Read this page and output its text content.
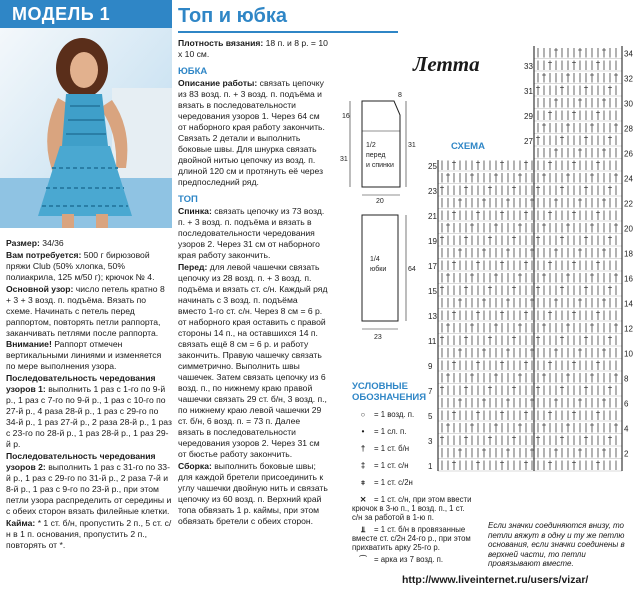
МОДЕЛЬ 1	Топ и юбка

Размер: 34/36

Вам потребуется: 500 г бирюзовой пряжи Club (50% хлопка, 50% полиакрила, 125 м/50 г); крючок № 4.

Основной узор: число петель кратно 8 + 3 + 3 возд. п. подъёма. Вязать по схеме. Начинать с петель перед раппортом, повторять петли раппорта, заканчивать петлями после раппорта. Внимание! Раппорт отмечен вертикальными линиями и изменяется по мере выполнения узора.

Последовательность чередования узоров 1: выполнить 1 раз с 1-го по 9-й р., 1 раз с 7-го по 9-й р., 1 раз с 10-го по 27-й р., 4 раза 28-й р., 1 раз с 29-го по 34-й р., 1 раз 27-й р., 2 раза 28-й р., 1 раз с 23-го по 28-й р., 1 раз 28-й р., 1 раз 29-й р.

Последовательность чередования узоров 2: выполнить 1 раз с 31-го по 33-й р., 1 раз с 29-го по 31-й р., 2 раза 7-й и 8-й р., 1 раз с 9-го по 23-й р., при этом петли узора распределить от середины и с обеих сторон вязать филейные клетки.

Кайма: * 1 ст. б/н, пропустить 2 п., 5 ст. с/н в 1 п. основания, пропустить 2 п., повторять от *.

Плотность вязания: 18 п. и 8 р. = 10 x 10 см.

ЮБКА

Описание работы: связать цепочку из 83 возд. п. + 3 возд. п. подъёма и вязать в последовательности чередования узоров 1. Через 64 см от наборного края работу закончить. Связать 2 детали и выполнить боковые швы. Для шнурка связать двойной нитью цепочку из возд. п. длиной 120 см и протянуть её через предпоследний ряд.

ТОП

Спинка: связать цепочку из 73 возд. п. + 3 возд. п. подъёма и вязать в последовательности чередования узоров 2. Через 31 см от наборного края работу закончить.

Перед: для левой чашечки связать цепочку из 28 возд. п. + 3 возд. п. подъёма и вязать ст. с/н. Каждый ряд начинать с 3 возд. п. подъёма вместо 1-го ст. с/н. Через 8 см = 6 р. от наборного края оставить с правой стороны 14 п., на оставшихся 14 п. связать ещё 8 см = 6 р. и работу закончить. Правую чашечку связать симметрично. Выполнить швы чашечек. Затем связать цепочку из 6 возд. п., по нижнему краю правой чашечки связать 29 ст. б/н, 3 возд. п., по нижнему краю левой чашечки 29 ст. б/н, 6 возд. п. = 73 п. Далее вязать в последовательности чередования узоров 2. Через 31 см от бюстье работу закончить.

Сборка: выполнить боковые швы; для каждой бретели присоединить к углу чашечки двойную нить и связать цепочку из 60 возд. п. Верхний край топа обвязать 1 р. каймы, при этом обвязать бретели с обеих сторон.

Летта
16
8
31
31
20
1/2
перед
и спинки
64
23
1/4
юбки
СХЕМА
34
33
32
31
30
29
28
27
26
25
24
23
22
21
20
19
18
17
16
15
14
13
12
11
10
9
8
7
6
5
4
3
2
1
УСЛОВНЫЕ ОБОЗНАЧЕНИЯ
○ = 1 возд. п.
• = 1 сл. п.
† = 1 ст. б/н
‡ = 1 ст. с/н
⧧ = 1 ст. с/2н
⨯ = 1 ст. с/н, при этом ввести крючок в 3-ю п., 1 возд. п., 1 ст. с/н за работой в 1-ю п.
⫫ = 1 ст. б/н в провязанные вместе ст. с/2н 24-го р., при этом прихватить арку 25-го р.
⌒ = арка из 7 возд. п.
Если значки соединяются внизу, то петли вяжут в одну и ту же петлю основания, если значки соединены в верхней части, то петли провязывают вместе.
http://www.liveinternet.ru/users/vizar/
